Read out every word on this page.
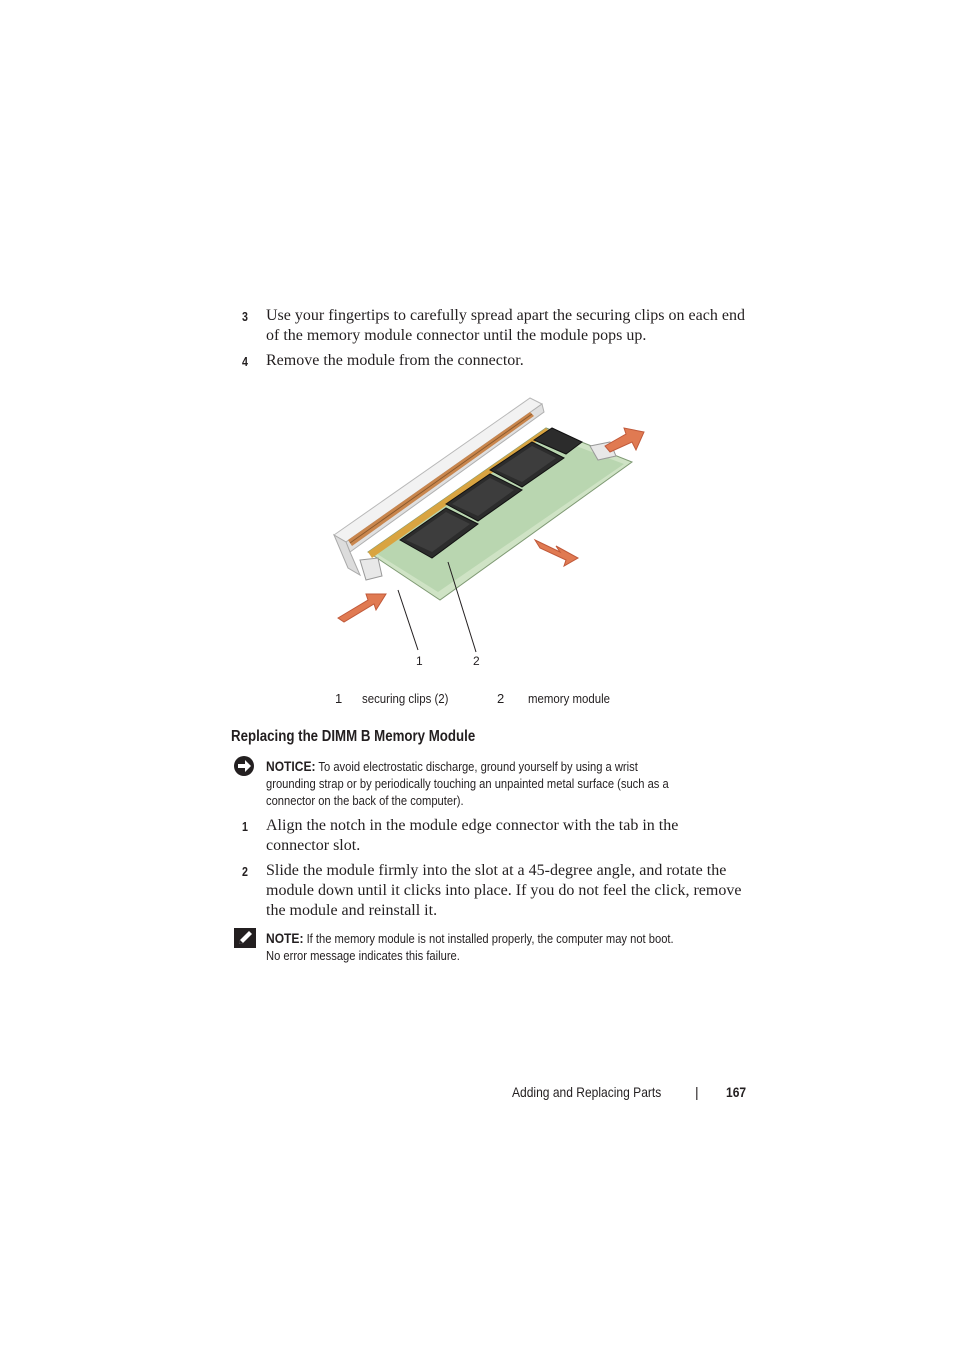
3	Use your fingertips to carefully spread apart the securing clips on each end
of the memory module connector until the module pops up.
4	Remove the module from the connector.
1	2
1 securing clips (2)	2 memory module
Replacing the DIMM B Memory Module
NOTICE: To avoid electrostatic discharge, ground yourself by using a wrist
grounding strap or by periodically touching an unpainted metal surface (such as a
connector on the back of the computer).
1	Align the notch in the module edge connector with the tab in the
connector slot.
2	Slide the module firmly into the slot at a 45-degree angle, and rotate the
module down until it clicks into place. If you do not feel the click, remove
the module and reinstall it.
NOTE: If the memory module is not installed properly, the computer may not boot.
No error message indicates this failure.
Adding and Replacing Parts	| 167
